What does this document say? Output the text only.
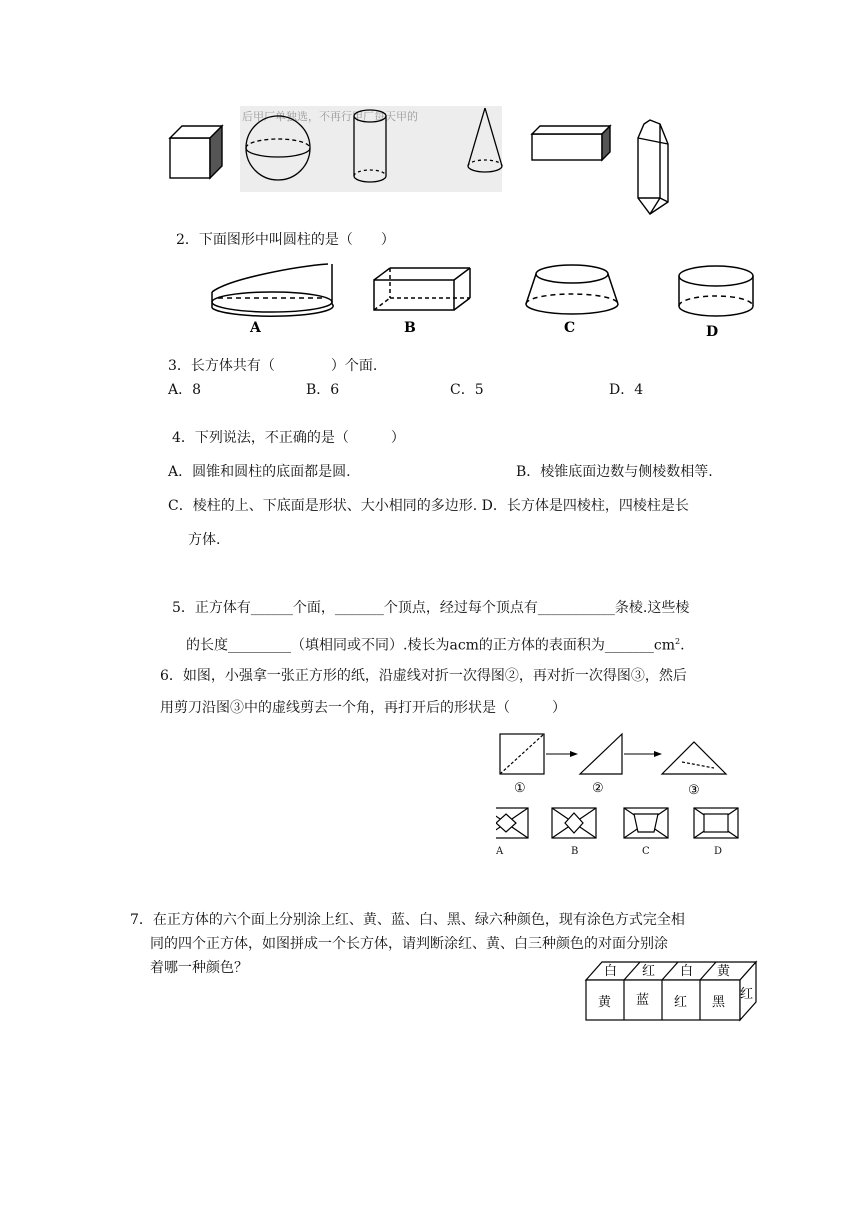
后甲厂单独选，不再行甲厂每天甲的
2．下面图形中叫圆柱的是（　　）
A	B	C	D
3．长方体共有（　　　　）个面.
A．8	B．6	C．5	D．4
4．下列说法，不正确的是（　　　）
A．圆锥和圆柱的底面都是圆.	B．棱锥底面边数与侧棱数相等.
C．棱柱的上、下底面是形状、大小相同的多边形. D．长方体是四棱柱，四棱柱是长
方体.
5．正方体有______个面，_______个顶点，经过每个顶点有___________条棱.这些棱
的长度_________（填相同或不同）.棱长为acm的正方体的表面积为$\_\_\_\_\_\_\_cm^2$.
6．如图，小强拿一张正方形的纸，沿虚线对折一次得图②，再对折一次得图③，然后
用剪刀沿图③中的虚线剪去一个角，再打开后的形状是（　　　）
①	②	③
A	B	C	D
7．在正方体的六个面上分别涂上红、黄、蓝、白、黑、绿六种颜色，现有涂色方式完全相
同的四个正方体，如图拼成一个长方体，请判断涂红、黄、白三种颜色的对面分别涂
着哪一种颜色？	白 红 白 黄
黄 蓝 红 黑
红
